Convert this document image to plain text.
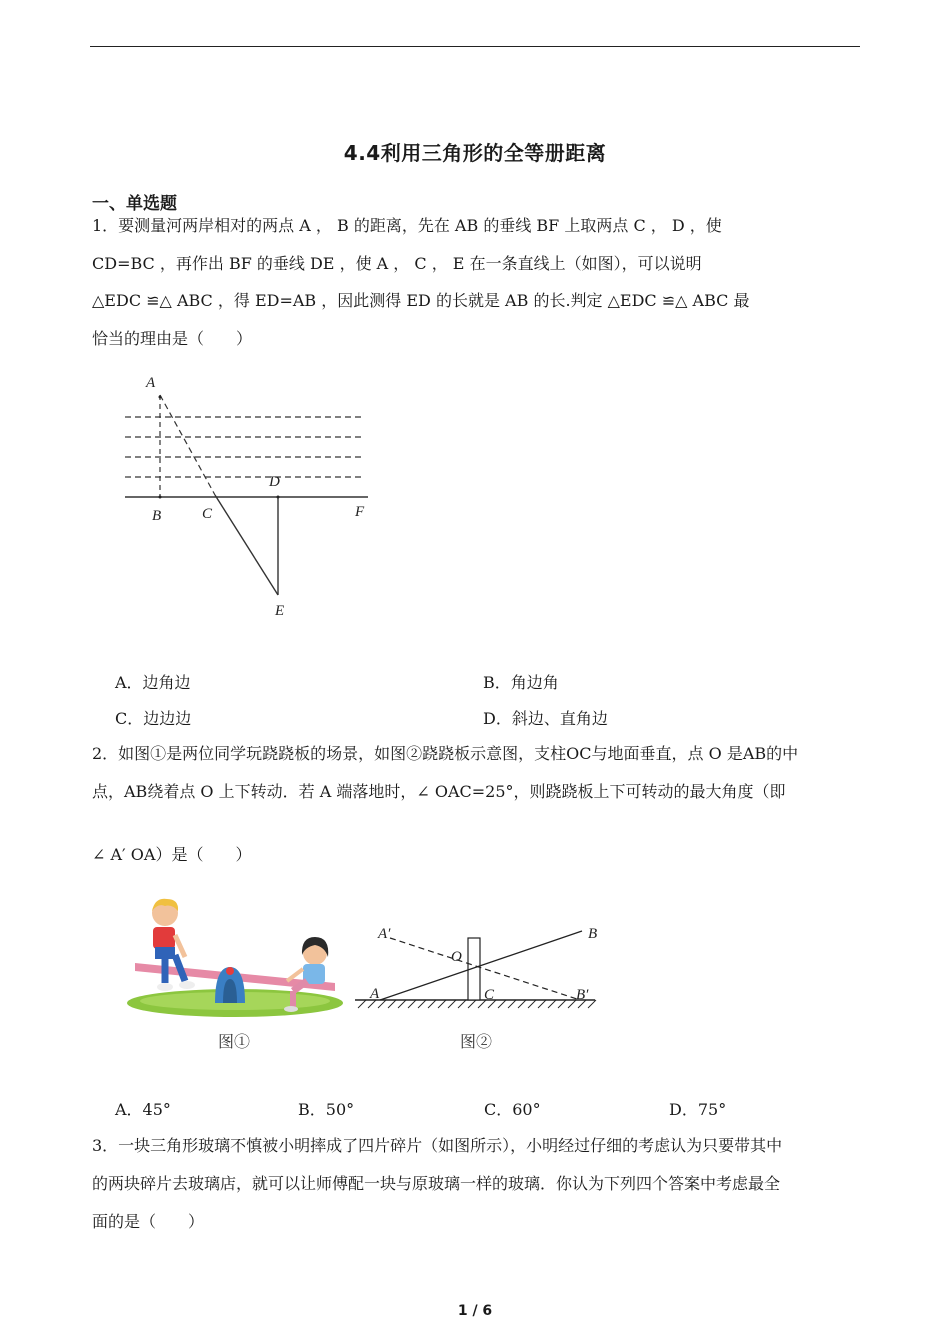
4.4利用三角形的全等册距离
一、单选题
1．要测量河两岸相对的两点 A ， B 的距离，先在 AB 的垂线 BF 上取两点 C ， D ，使
CD=BC ，再作出 BF 的垂线 DE ，使 A ， C ， E 在一条直线上（如图），可以说明
△EDC ≌△ ABC ，得 ED=AB ，因此测得 ED 的长就是 AB 的长.判定 △EDC ≌△ ABC 最
恰当的理由是（　　）
A
B	C
D
E
F
A．边角边	B．角边角
C．边边边	D．斜边、直角边
2．如图①是两位同学玩跷跷板的场景，如图②跷跷板示意图，支柱OC与地面垂直，点 O 是AB的中
点，AB绕着点 O 上下转动．若 A 端落地时，∠ OAC=25°，则跷跷板上下可转动的最大角度（即
∠ A′ OA）是（　　）
A′	B
O
A	C	B′
图①	图②
A．45°	B．50°	C．60°	D．75°
3．一块三角形玻璃不慎被小明摔成了四片碎片（如图所示），小明经过仔细的考虑认为只要带其中
的两块碎片去玻璃店，就可以让师傅配一块与原玻璃一样的玻璃．你认为下列四个答案中考虑最全
面的是（　　）
1 / 6
